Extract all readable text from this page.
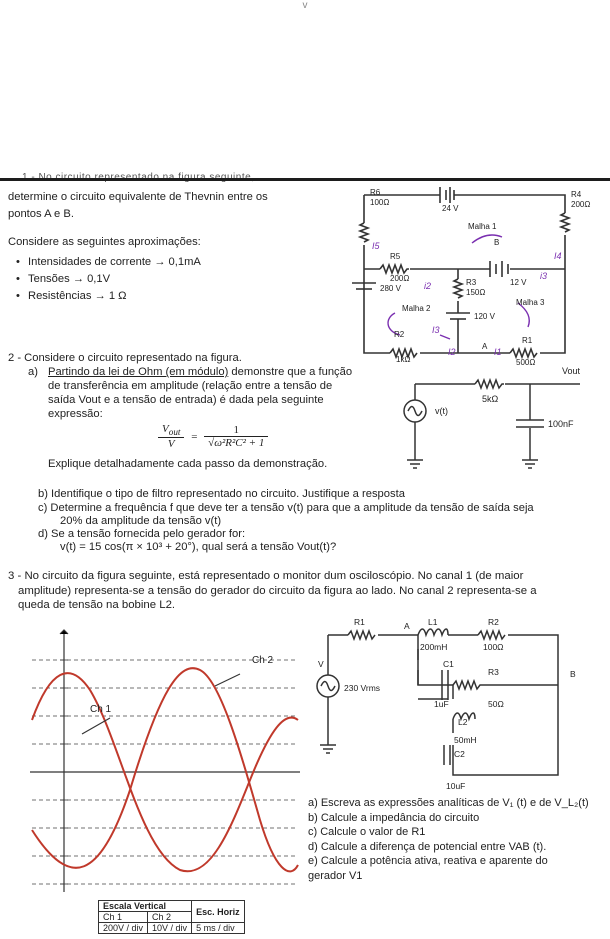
v
determine o circuito equivalente de Thevnin entre os
pontos A e B.
Considere as seguintes aproximações:
• Intensidades de corrente → 0,1mA
• Tensões → 0,1V
• Resistências → 1 Ω
R6
100Ω
24 V
R4
200Ω
Malha 1
B
R5
200Ω	12 V
R3
150Ω
280 V
Malha 2
Malha 3
120 V
R2
1kΩ
A
R1
500Ω
I5
I4
i2
i3
I3
I2	I1
2 - Considere o circuito representado na figura.
a) Partindo da lei de Ohm (em módulo) demonstre que a função
de transferência em amplitude (relação entre a tensão de
saída Vout e a tensão de entrada) é dada pela seguinte
expressão:
$\frac{V_{out}}{V} = \frac{1}{\text{√ω²R²C² + 1}}$
Explique detalhadamente cada passo da demonstração.
Vout
5kΩ
v(t)
100nF
b) Identifique o tipo de filtro representado no circuito. Justifique a resposta
c) Determine a frequência f que deve ter a tensão v(t) para que a amplitude da tensão de saída seja
20% da amplitude da tensão v(t)
d) Se a tensão fornecida pelo gerador for:
v(t) = 15 cos(π × 10³ + 20°), qual será a tensão Vout(t)?
3 - No circuito da figura seguinte, está representado o monitor dum osciloscópio. No canal 1 (de maior
amplitude) representa-se a tensão do gerador do circuito da figura ao lado. No canal 2 representa-se a
queda de tensão na bobine L2.
Ch 2
Ch 1
R1	A L1	R2
200mH	100Ω
V	C1
R3	B
230 Vrms
1uF	50Ω
L2
50mH
C2
10uF
a) Escreva as expressões analíticas de V₁ (t) e de V_L₂(t)
b) Calcule a impedância do circuito
c) Calcule o valor de R1
d) Calcule a diferença de potencial entre VAB (t).
e) Calcule a potência ativa, reativa e aparente do
gerador V1
Escala Vertical		Esc. Horiz
Ch 1	Ch 2	
200V / div	10V / div	5 ms / div
